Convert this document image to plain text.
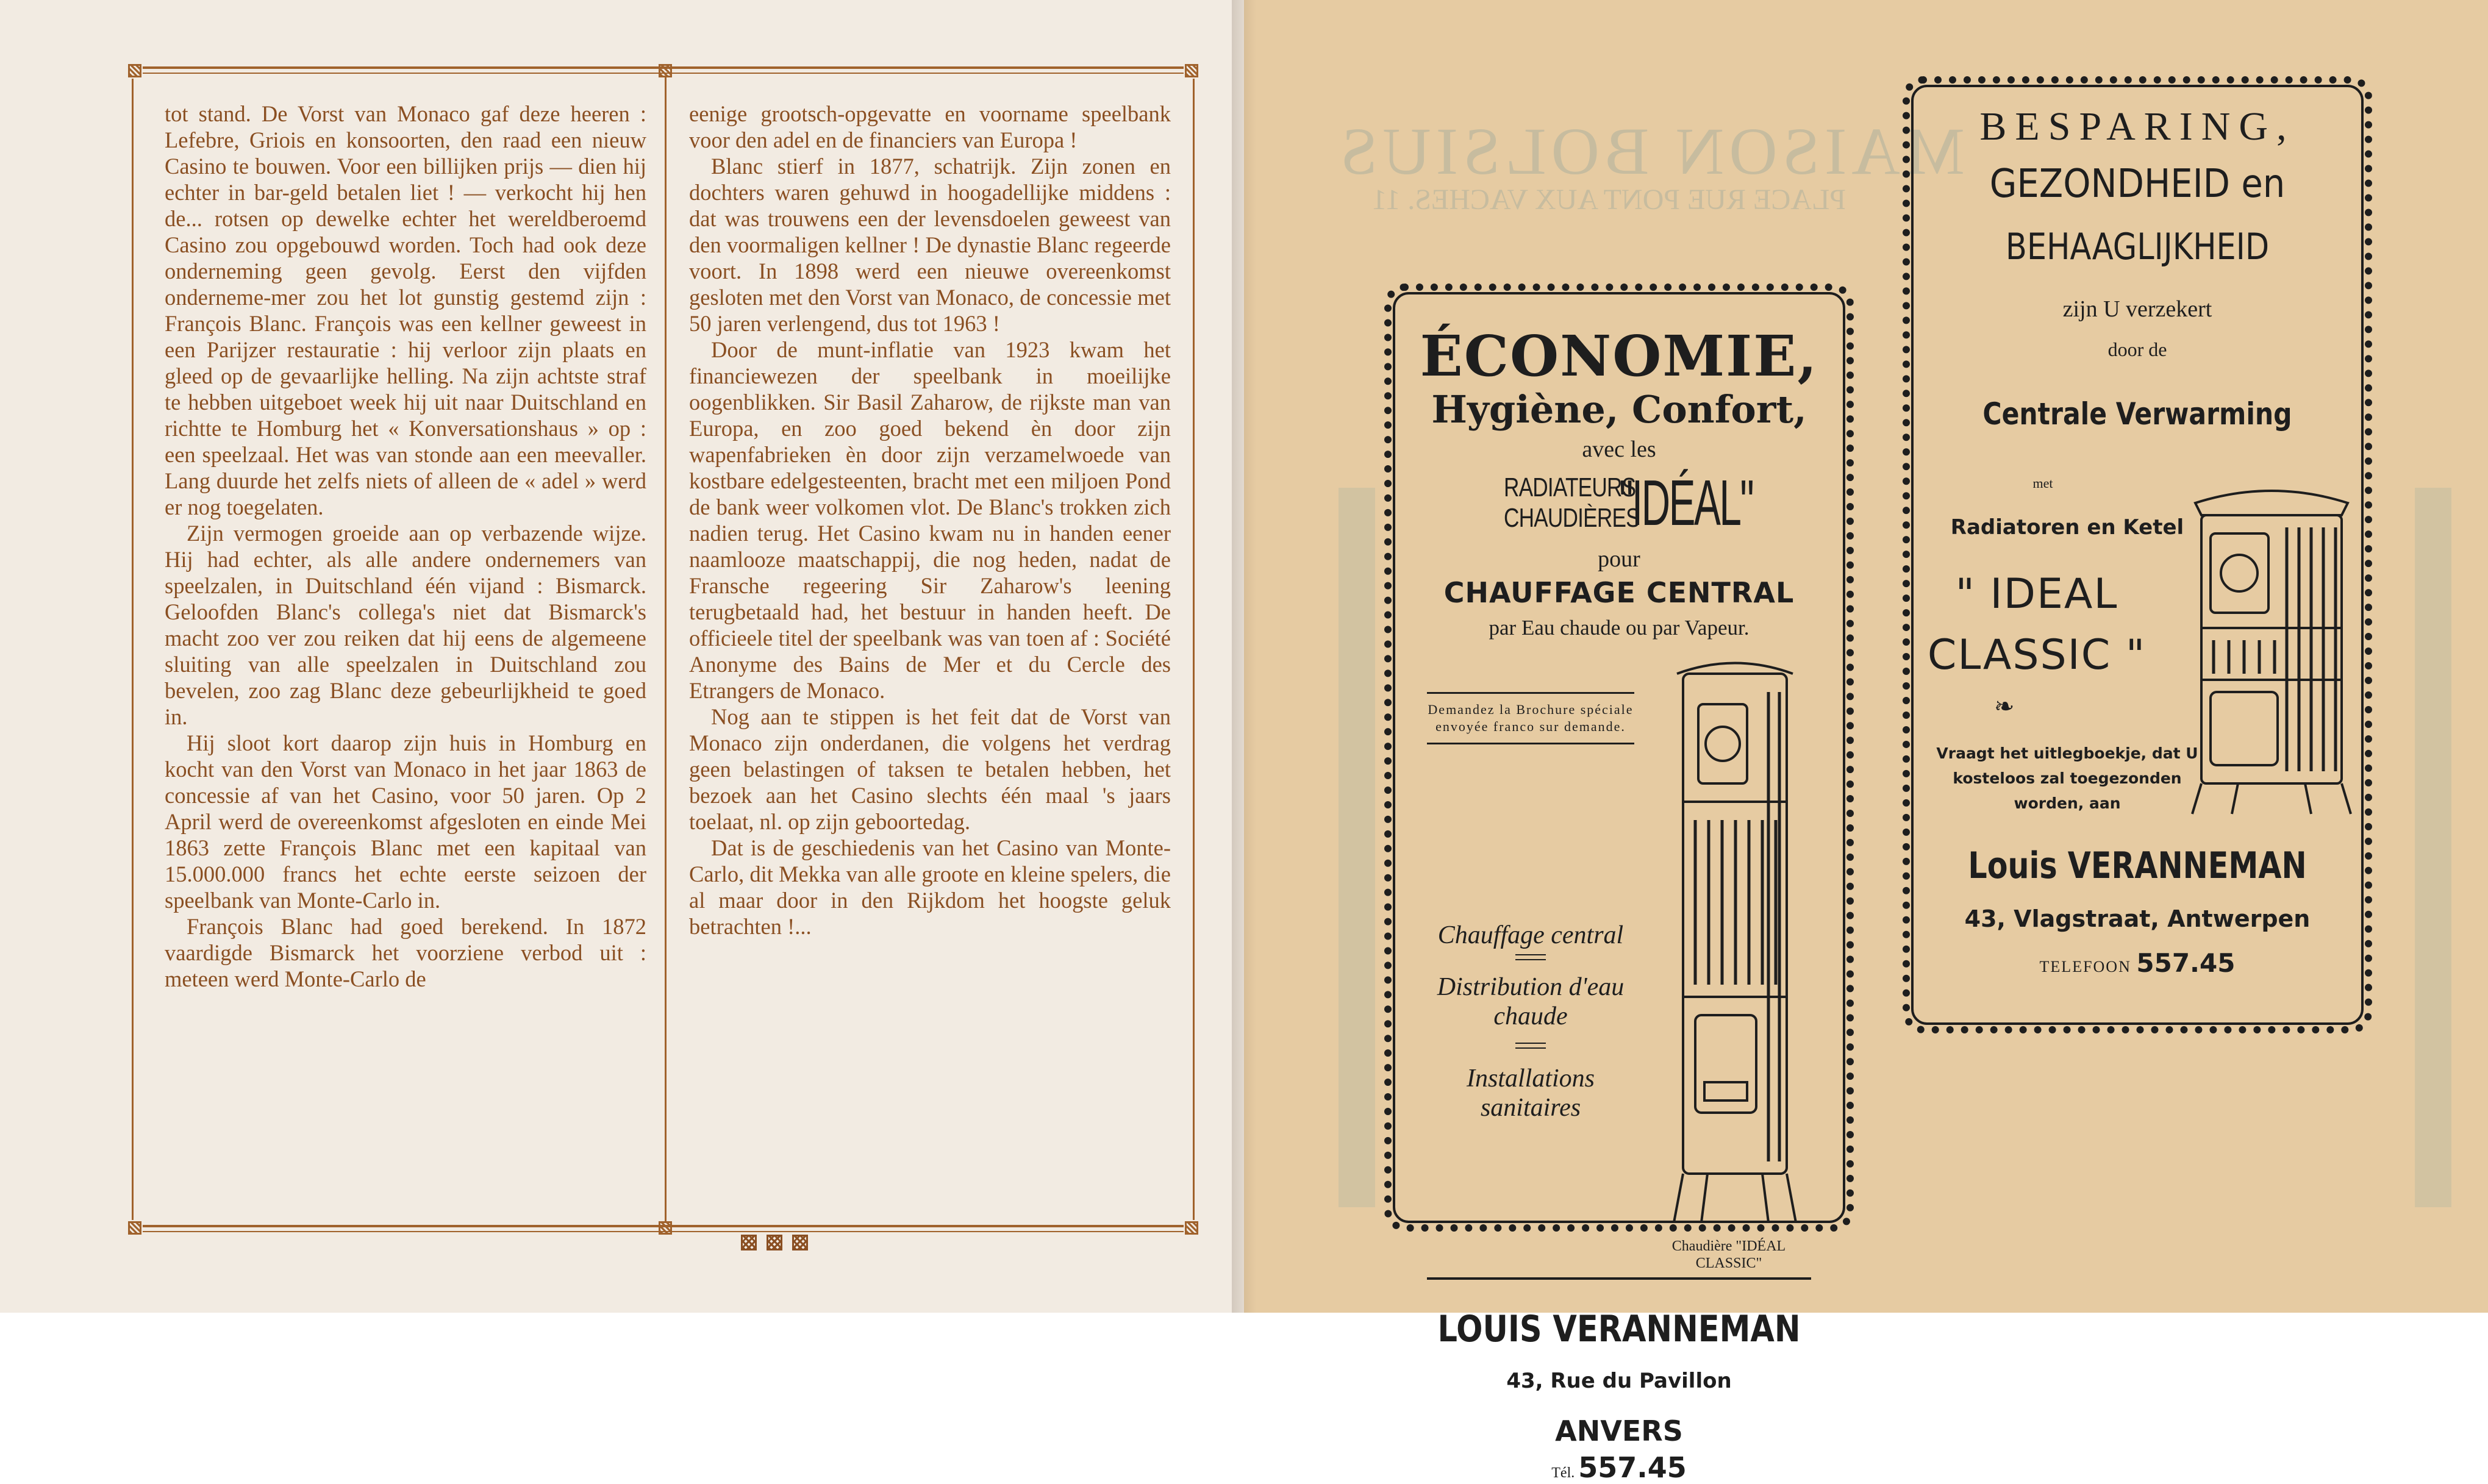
tot stand. De Vorst van Monaco gaf deze heeren : Lefebre, Griois en konsoorten, den raad een nieuw Casino te bouwen. Voor een billijken prijs — dien hij echter in bar-geld betalen liet ! — verkocht hij hen de... rotsen op dewelke echter het wereldberoemd Casino zou opgebouwd worden. Toch had ook deze onderneming geen gevolg. Eerst den vijfden onderneme-mer zou het lot gunstig gestemd zijn : François Blanc. François was een kellner geweest in een Parijzer restauratie : hij verloor zijn plaats en gleed op de gevaarlijke helling. Na zijn achtste straf te hebben uitgeboet week hij uit naar Duitschland en richtte te Homburg het « Konversationshaus » op : een speelzaal. Het was van stonde aan een meevaller. Lang duurde het zelfs niets of alleen de « adel » werd er nog toegelaten.

Zijn vermogen groeide aan op verbazende wijze. Hij had echter, als alle andere ondernemers van speelzalen, in Duitschland één vijand : Bismarck. Geloofden Blanc's collega's niet dat Bismarck's macht zoo ver zou reiken dat hij eens de algemeene sluiting van alle speelzalen in Duitschland zou bevelen, zoo zag Blanc deze gebeurlijkheid te goed in.

Hij sloot kort daarop zijn huis in Homburg en kocht van den Vorst van Monaco in het jaar 1863 de concessie af van het Casino, voor 50 jaren. Op 2 April werd de overeenkomst afgesloten en einde Mei 1863 zette François Blanc met een kapitaal van 15.000.000 francs het echte eerste seizoen der speelbank van Monte-Carlo in.

François Blanc had goed berekend. In 1872 vaardigde Bismarck het voorziene verbod uit : meteen werd Monte-Carlo de

eenige grootsch-opgevatte en voorname speelbank voor den adel en de financiers van Europa !

Blanc stierf in 1877, schatrijk. Zijn zonen en dochters waren gehuwd in hoogadellijke middens : dat was trouwens een der levensdoelen geweest van den voormaligen kellner ! De dynastie Blanc regeerde voort. In 1898 werd een nieuwe overeenkomst gesloten met den Vorst van Monaco, de concessie met 50 jaren verlengend, dus tot 1963 !

Door de munt-inflatie van 1923 kwam het financiewezen der speelbank in moeilijke oogenblikken. Sir Basil Zaharow, de rijkste man van Europa, en zoo goed bekend èn door zijn wapenfabrieken èn door zijn verzamelwoede van kostbare edelgesteenten, bracht met een miljoen Pond de bank weer volkomen vlot. De Blanc's trokken zich nadien terug. Het Casino kwam nu in handen eener naamlooze maatschappij, die nog heden, nadat de Fransche regeering Sir Zaharow's leening terugbetaald had, het bestuur in handen heeft. De officieele titel der speelbank was van toen af : Société Anonyme des Bains de Mer et du Cercle des Etrangers de Monaco.

Nog aan te stippen is het feit dat de Vorst van Monaco zijn onderdanen, die volgens het verdrag geen belastingen of taksen te betalen hebben, het bezoek aan het Casino slechts één maal 's jaars toelaat, nl. op zijn geboortedag.

Dat is de geschiedenis van het Casino van Monte-Carlo, dit Mekka van alle groote en kleine spelers, die al maar door in den Rijkdom het hoogste geluk betrachten !...

MAISON BOLSIUS
PLACE RUE PONT AUX VACHES. 11
ÉCONOMIE,
Hygiène, Confort,
avec les
RADIATEURS
CHAUDIÈRES
"IDÉAL"
pour
CHAUFFAGE CENTRAL
par Eau chaude ou par Vapeur.
Demandez la Brochure spéciale envoyée franco sur demande.
Chauffage central
Distribution d'eau chaude
Installations sanitaires
Chaudière "IDÉAL CLASSIC"
LOUIS VERANNEMAN
43, Rue du Pavillon
ANVERS
Tél. 557.45
BESPARING,
GEZONDHEID en
BEHAAGLIJKHEID
zijn U verzekert
door de
Centrale Verwarming
met
Radiatoren en Ketel
" IDEAL CLASSIC "
❧
Vraagt het uitlegboekje, dat U kosteloos zal toegezonden worden, aan
Louis VERANNEMAN
43, Vlagstraat, Antwerpen
TELEFOON 557.45
